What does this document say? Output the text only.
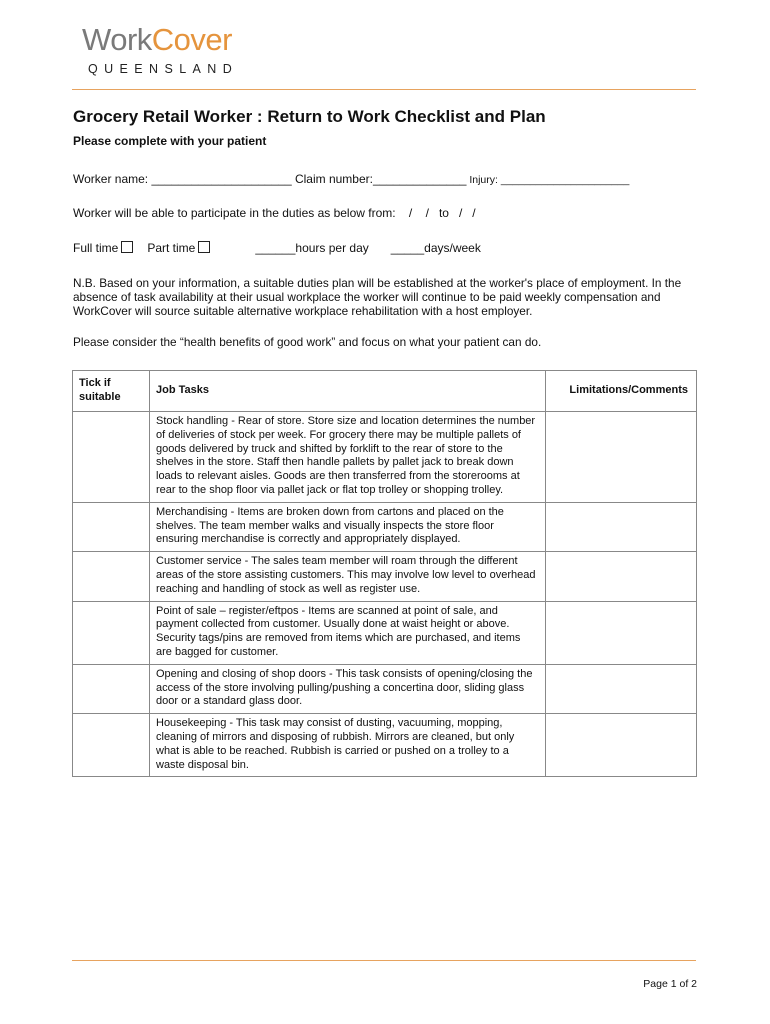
WorkCover
QUEENSLAND
Grocery Retail Worker : Return to Work Checklist and Plan
Please complete with your patient
Worker name: _____________________ Claim number:______________ Injury: ______________________
Worker will be able to participate in the duties as below from:    /    /   to   /   /
Full time Part time	______hours per day _____days/week
N.B. Based on your information, a suitable duties plan will be established at the worker's place of employment. In the absence of task availability at their usual workplace the worker will continue to be paid weekly compensation and WorkCover will source suitable alternative workplace rehabilitation with a host employer.
Please consider the “health benefits of good work” and focus on what your patient can do.
Tick if suitable	Job Tasks	Limitations/Comments
	Stock handling - Rear of store. Store size and location determines the number of deliveries of stock per week. For grocery there may be multiple pallets of goods delivered by truck and shifted by forklift to the rear of store to the shelves in the store. Staff then handle pallets by pallet jack to break down loads to relevant aisles. Goods are then transferred from the storerooms at rear to the shop floor via pallet jack or flat top trolley or shopping trolley.	
	Merchandising - Items are broken down from cartons and placed on the shelves. The team member walks and visually inspects the store floor ensuring merchandise is correctly and appropriately displayed.	
	Customer service - The sales team member will roam through the different areas of the store assisting customers. This may involve low level to overhead reaching and handling of stock as well as register use.	
	Point of sale – register/eftpos - Items are scanned at point of sale, and payment collected from customer. Usually done at waist height or above. Security tags/pins are removed from items which are purchased, and items are bagged for customer.	
	Opening and closing of shop doors - This task consists of opening/closing the access of the store involving pulling/pushing a concertina door, sliding glass door or a standard glass door.	
	Housekeeping - This task may consist of dusting, vacuuming, mopping, cleaning of mirrors and disposing of rubbish. Mirrors are cleaned, but only what is able to be reached. Rubbish is carried or pushed on a trolley to a waste disposal bin.	
Page 1 of 2
